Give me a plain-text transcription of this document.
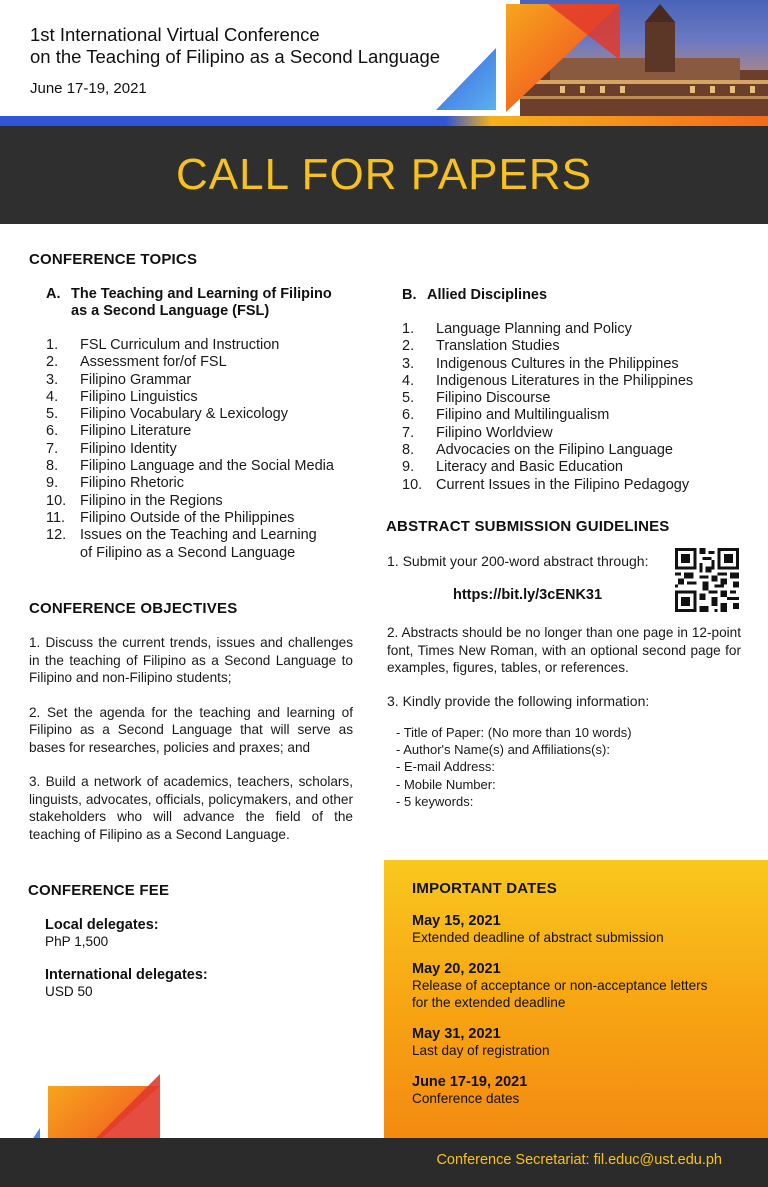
1st International Virtual Conference
on the Teaching of Filipino as a Second Language
June 17-19, 2021
CALL FOR PAPERS
CONFERENCE TOPICS
A. The Teaching and Learning of Filipino
as a Second Language (FSL)
1.	FSL Curriculum and Instruction
2.	Assessment for/of FSL
3.	Filipino Grammar
4.	Filipino Linguistics
5.	Filipino Vocabulary & Lexicology
6.	Filipino Literature
7.	Filipino Identity
8.	Filipino Language and the Social Media
9.	Filipino Rhetoric
10. Filipino in the Regions
11.	Filipino Outside of the Philippines
12. Issues on the Teaching and Learning
of Filipino as a Second Language
B. Allied Disciplines
1.	Language Planning and Policy
2.	Translation Studies
3.	Indigenous Cultures in the Philippines
4.	Indigenous Literatures in the Philippines
5.	Filipino Discourse
6.	Filipino and Multilingualism
7.	Filipino Worldview
8.	Advocacies on the Filipino Language
9.	Literacy and Basic Education
10. Current Issues in the Filipino Pedagogy
CONFERENCE OBJECTIVES

1. Discuss the current trends, issues and challenges in the teaching of Filipino as a Second Language to Filipino and non-Filipino students;

2. Set the agenda for the teaching and learning of Filipino as a Second Language that will serve as bases for researches, policies and praxes; and

3. Build a network of academics, teachers, scholars, linguists, advocates, officials, policymakers, and other stakeholders who will advance the field of the teaching of Filipino as a Second Language.

ABSTRACT SUBMISSION GUIDELINES
1. Submit your 200-word abstract through:
https://bit.ly/3cENK31
2. Abstracts should be no longer than one page in 12-point font, Times New Roman, with an optional second page for examples, figures, tables, or references.
3. Kindly provide the following information:
- Title of Paper: (No more than 10 words)
- Author's Name(s) and Affiliations(s):
- E-mail Address:
- Mobile Number:
- 5 keywords:
CONFERENCE FEE
Local delegates:
PhP 1,500
International delegates:
USD 50
IMPORTANT DATES
May 15, 2021
Extended deadline of abstract submission
May 20, 2021
Release of acceptance or non-acceptance letters
for the extended deadline
May 31, 2021
Last day of registration
June 17-19, 2021
Conference dates
Conference Secretariat: fil.educ@ust.edu.ph
